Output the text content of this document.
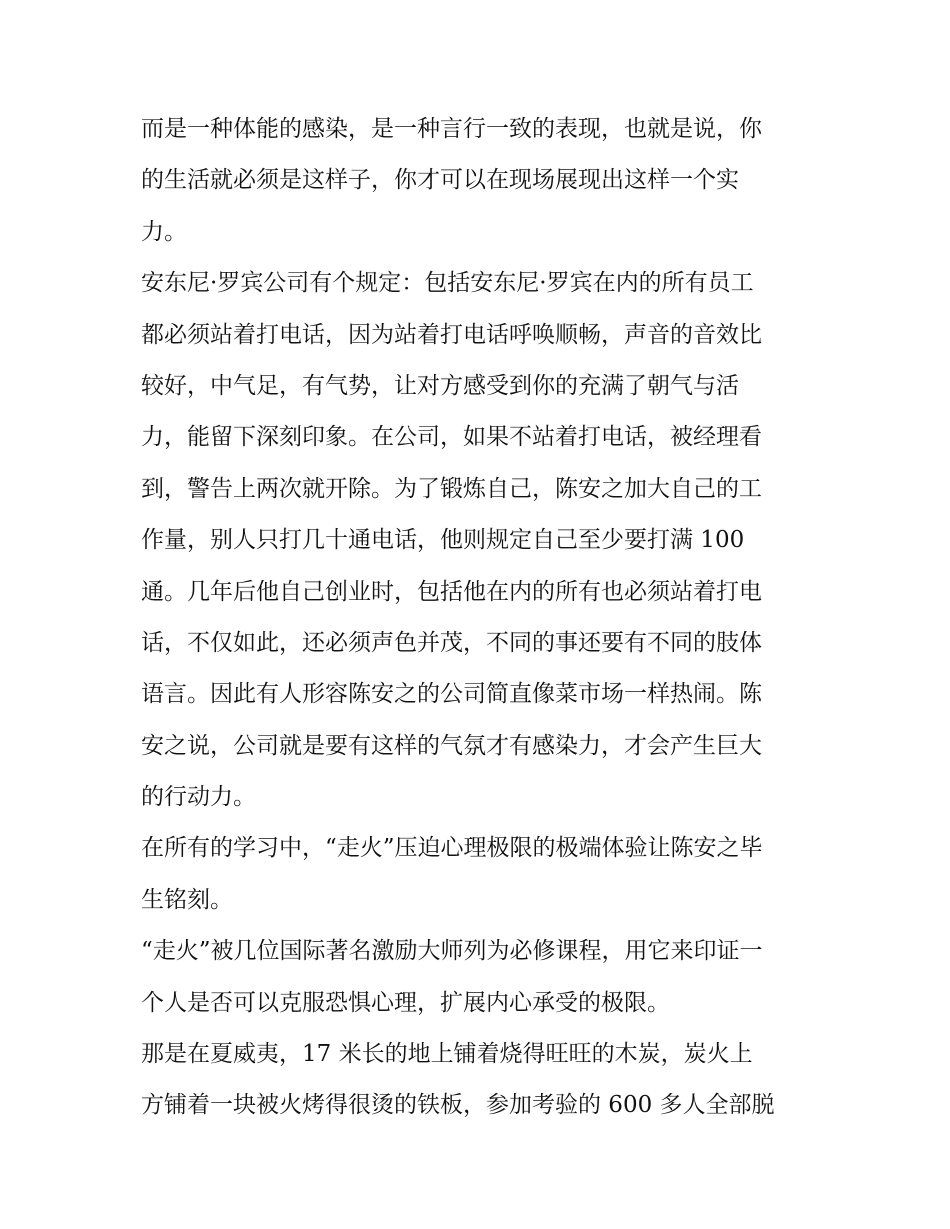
而是一种体能的感染，是一种言行一致的表现，也就是说，你
的生活就必须是这样子，你才可以在现场展现出这样一个实
力。
安东尼·罗宾公司有个规定：包括安东尼·罗宾在内的所有员工
都必须站着打电话，因为站着打电话呼唤顺畅，声音的音效比
较好，中气足，有气势，让对方感受到你的充满了朝气与活
力，能留下深刻印象。在公司，如果不站着打电话，被经理看
到，警告上两次就开除。为了锻炼自己，陈安之加大自己的工
作量，别人只打几十通电话，他则规定自己至少要打满 100
通。几年后他自己创业时，包括他在内的所有也必须站着打电
话，不仅如此，还必须声色并茂，不同的事还要有不同的肢体
语言。因此有人形容陈安之的公司简直像菜市场一样热闹。陈
安之说，公司就是要有这样的气氛才有感染力，才会产生巨大
的行动力。
在所有的学习中，“走火”压迫心理极限的极端体验让陈安之毕
生铭刻。
“走火”被几位国际著名激励大师列为必修课程，用它来印证一
个人是否可以克服恐惧心理，扩展内心承受的极限。
那是在夏威夷，17 米长的地上铺着烧得旺旺的木炭，炭火上
方铺着一块被火烤得很烫的铁板，参加考验的 600 多人全部脱
